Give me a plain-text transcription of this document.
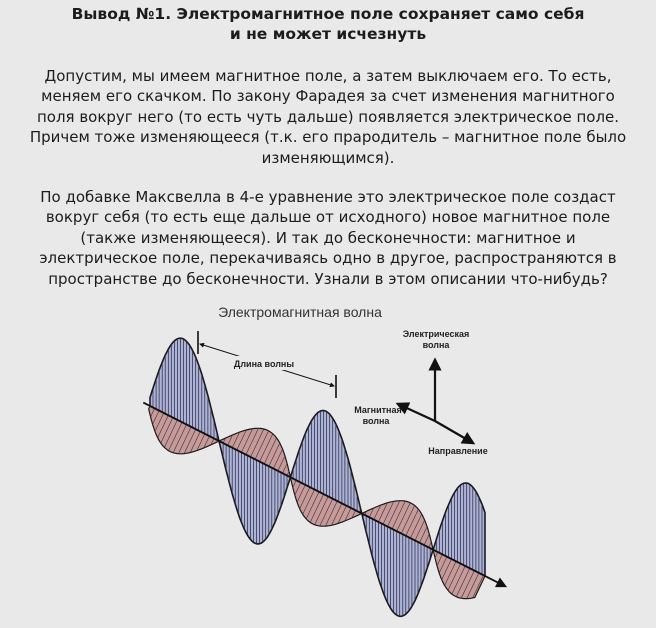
Вывод №1. Электромагнитное поле сохраняет само себя
и не может исчезнуть
Допустим, мы имеем магнитное поле, а затем выключаем его. То есть,
меняем его скачком. По закону Фарадея за счет изменения магнитного
поля вокруг него (то есть чуть дальше) появляется электрическое поле.
Причем тоже изменяющееся (т.к. его прародитель – магнитное поле было
изменяющимся).
По добавке Максвелла в 4-е уравнение это электрическое поле создаст
вокруг себя (то есть еще дальше от исходного) новое магнитное поле
(также изменяющееся). И так до бесконечности: магнитное и
электрическое поле, перекачиваясь одно в другое, распространяются в
пространстве до бесконечности. Узнали в этом описании что-нибудь?
Электромагнитная волна
Длина волны
Электрическая
волна
Магнитная
волна
Направление
